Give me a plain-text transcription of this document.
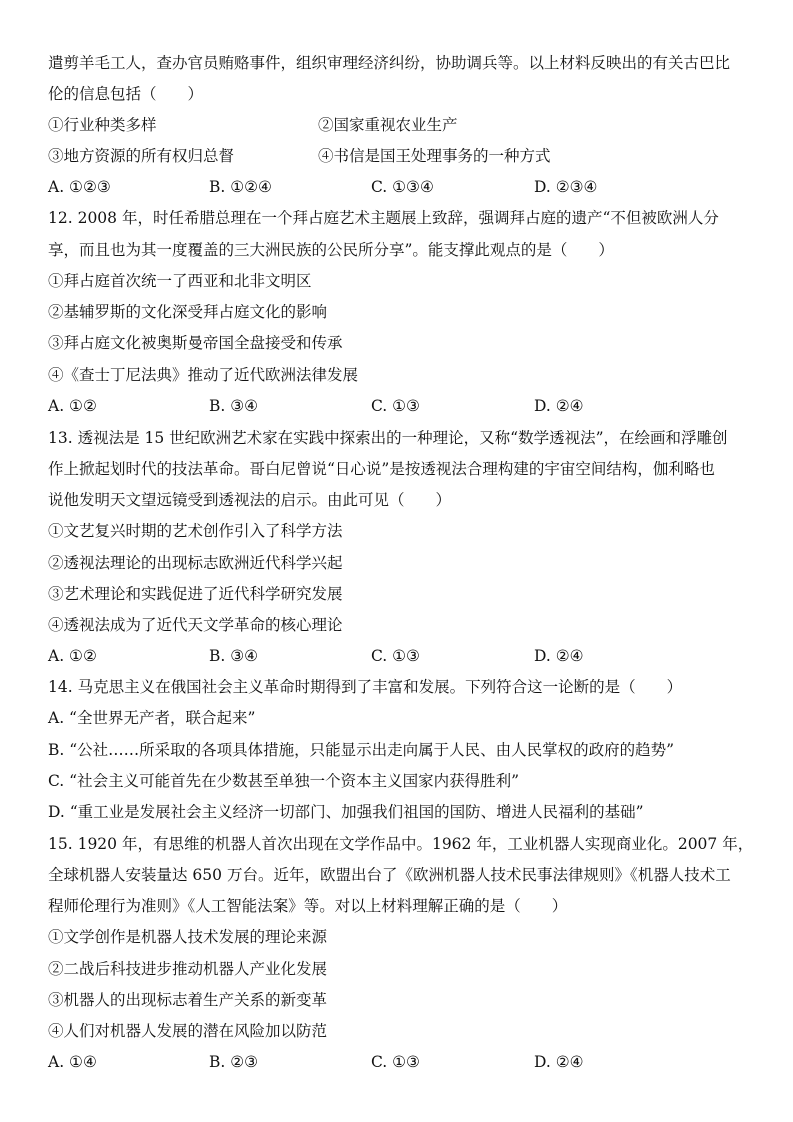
遣剪羊毛工人，查办官员贿赂事件，组织审理经济纠纷，协助调兵等。以上材料反映出的有关古巴比
伦的信息包括（　　）
①行业种类多样	②国家重视农业生产
③地方资源的所有权归总督	④书信是国王处理事务的一种方式
A. ①②③	B. ①②④	C. ①③④	D. ②③④
12. 2008 年，时任希腊总理在一个拜占庭艺术主题展上致辞，强调拜占庭的遗产“不但被欧洲人分
享，而且也为其一度覆盖的三大洲民族的公民所分享”。能支撑此观点的是（　　）
①拜占庭首次统一了西亚和北非文明区
②基辅罗斯的文化深受拜占庭文化的影响
③拜占庭文化被奥斯曼帝国全盘接受和传承
④《查士丁尼法典》推动了近代欧洲法律发展
A. ①②	B. ③④	C. ①③	D. ②④
13. 透视法是 15 世纪欧洲艺术家在实践中探索出的一种理论，又称“数学透视法”，在绘画和浮雕创
作上掀起划时代的技法革命。哥白尼曾说“日心说”是按透视法合理构建的宇宙空间结构，伽利略也
说他发明天文望远镜受到透视法的启示。由此可见（　　）
①文艺复兴时期的艺术创作引入了科学方法
②透视法理论的出现标志欧洲近代科学兴起
③艺术理论和实践促进了近代科学研究发展
④透视法成为了近代天文学革命的核心理论
A. ①②	B. ③④	C. ①③	D. ②④
14. 马克思主义在俄国社会主义革命时期得到了丰富和发展。下列符合这一论断的是（　　）
A. “全世界无产者，联合起来”
B. “公社……所采取的各项具体措施，只能显示出走向属于人民、由人民掌权的政府的趋势”
C. “社会主义可能首先在少数甚至单独一个资本主义国家内获得胜利”
D. “重工业是发展社会主义经济一切部门、加强我们祖国的国防、增进人民福利的基础”
15. 1920 年，有思维的机器人首次出现在文学作品中。1962 年，工业机器人实现商业化。2007 年，
全球机器人安装量达 650 万台。近年，欧盟出台了《欧洲机器人技术民事法律规则》《机器人技术工
程师伦理行为准则》《人工智能法案》等。对以上材料理解正确的是（　　）
①文学创作是机器人技术发展的理论来源
②二战后科技进步推动机器人产业化发展
③机器人的出现标志着生产关系的新变革
④人们对机器人发展的潜在风险加以防范
A. ①④	B. ②③	C. ①③	D. ②④
